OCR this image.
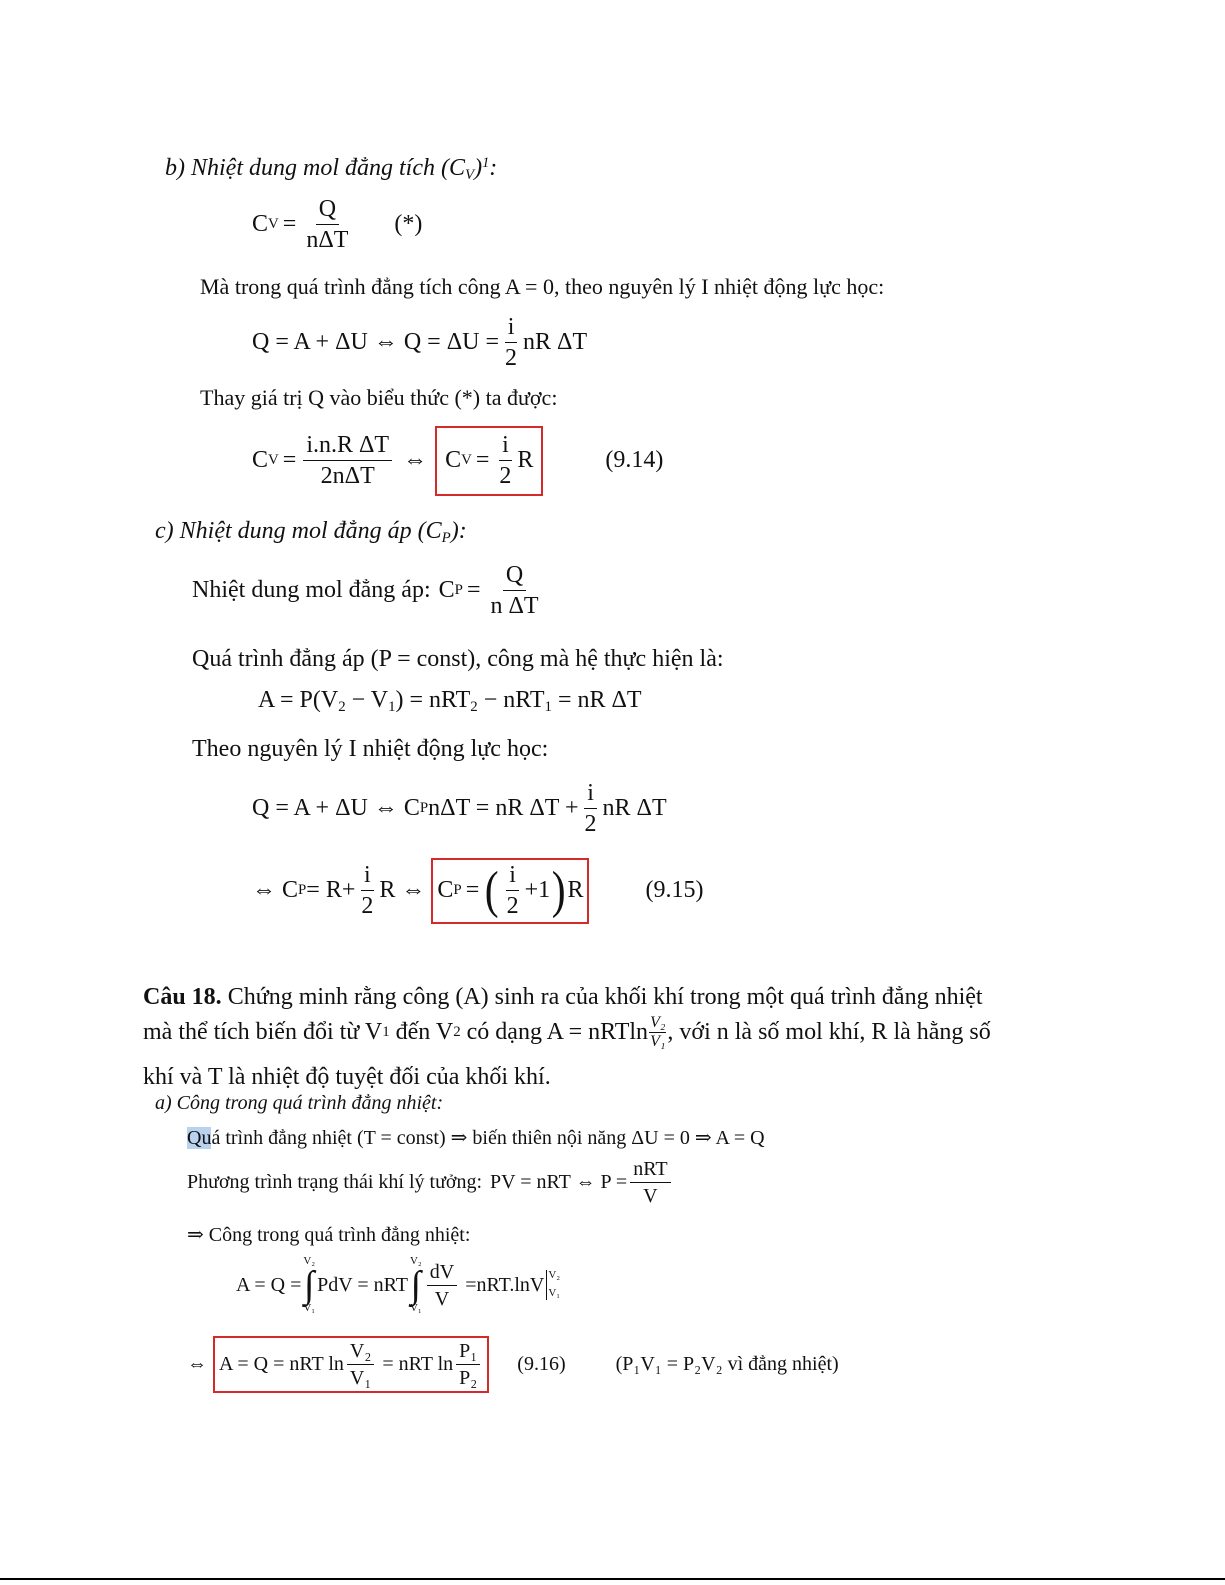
b) Nhiệt dung mol đẳng tích $(C_V)^1$:
C $V = \frac{Q}{\text{nΔT}}$ (*)
Mà trong quá trình đẳng tích công A = 0, theo nguyên lý I nhiệt động lực học:
Q = A + ΔU ⇔ $Q = \Delta U = \frac{i}{2}$ nR ΔT
Thay giá trị Q vào biểu thức (*) ta được:
C $V = \frac{\text{i.n.R ΔT}}{\text{2nΔT}}$ ⇔ C $V = \frac{i}{2}$ R	(9.14)
c) Nhiệt dung mol đẳng áp $(C_P)$:
Nhiệt dung mol đẳng áp: C $P = \frac{Q}{\text{n ΔT}}$
Quá trình đẳng áp (P = const), công mà hệ thực hiện là:
$A = P(V_2 - V_1) = nRT_2 - nRT_1$ = nR ΔT
Theo nguyên lý I nhiệt động lực học:
Q = A + ΔU ⇔ C P nΔT = nR $\Delta T + \frac{i}{2}$ nR ΔT
⇔ C $P = R+ \frac{i}{2}$ R ⇔ C P = ( $\frac{i}{2} +1$ ) R	(9.15)
Câu 18. Chứng minh rằng công (A) sinh ra của khối khí trong một quá trình đẳng nhiệt
mà thể tích biến đổi từ V 1 đến V 2 có dạng A = nRTln $\frac{\text{V₂}}{\text{V₁}}$ , với n là số mol khí, R là hằng số
khí và T là nhiệt độ tuyệt đối của khối khí.
a) Công trong quá trình đẳng nhiệt:
Quá trình đẳng nhiệt (T = const) ⇒ biến thiên nội năng ΔU = 0 ⇒ A = Q
Phương trình trạng thái khí lý tưởng: PV = nRT ⇔ $P = \frac{\text{nRT}}{V}$
⇒ Công trong quá trình đẳng nhiệt:
A = Q =
V₂
∫
V₁
PdV = nRT
V₂
∫
$V_1 \frac{dV}{V} =nRT.\ln V$ V₂
V₁
⇔ A = Q = nRT $\ln \frac{\text{V₂}}{\text{V₁}}$ = nRT $\ln \frac{\text{P₁}}{\text{P₂}} (9.16)$	(P₁V₁ = P₂V₂ vì đẳng nhiệt)
